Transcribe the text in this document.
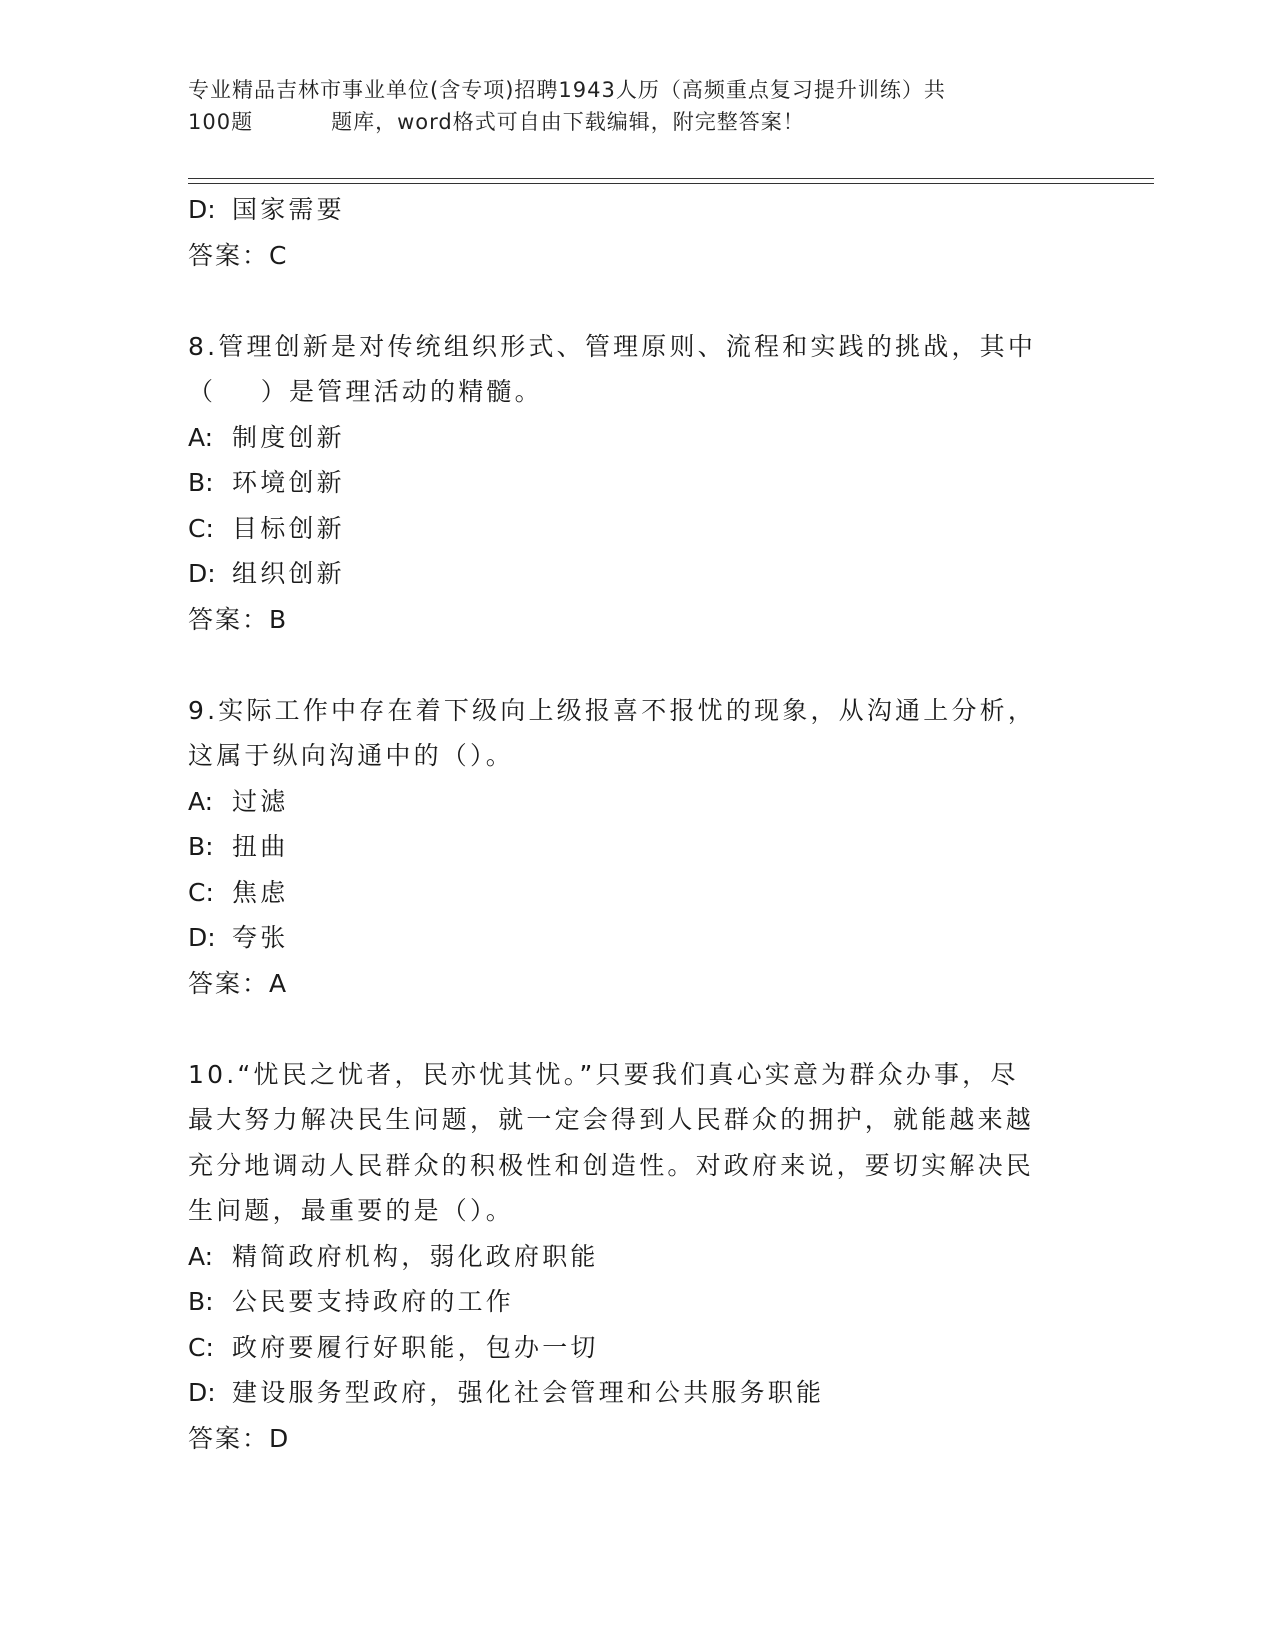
专业精品吉林市事业单位(含专项)招聘1943人历（高频重点复习提升训练）共
100题	题库，word格式可自由下载编辑，附完整答案！
D: 国家需要
答案：C
8.管理创新是对传统组织形式、管理原则、流程和实践的挑战，其中
（    ）是管理活动的精髓。
A: 制度创新
B: 环境创新
C: 目标创新
D: 组织创新
答案：B
9.实际工作中存在着下级向上级报喜不报忧的现象，从沟通上分析，
这属于纵向沟通中的（）。
A: 过滤
B: 扭曲
C: 焦虑
D: 夸张
答案：A
10.“忧民之忧者，民亦忧其忧。”只要我们真心实意为群众办事，尽
最大努力解决民生问题，就一定会得到人民群众的拥护，就能越来越
充分地调动人民群众的积极性和创造性。对政府来说，要切实解决民
生问题，最重要的是（）。
A: 精简政府机构，弱化政府职能
B: 公民要支持政府的工作
C: 政府要履行好职能，包办一切
D: 建设服务型政府，强化社会管理和公共服务职能
答案：D
